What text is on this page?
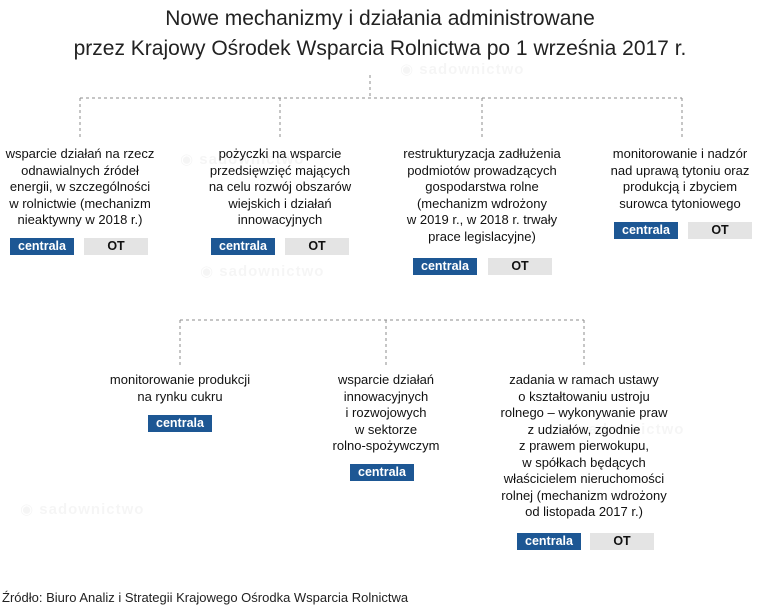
Nowe mechanizmy i działania administrowane
przez Krajowy Ośrodek Wsparcia Rolnictwa po 1 września 2017 r.
wsparcie działań na rzecz
odnawialnych źródeł
energii, w szczególności
w rolnictwie (mechanizm
nieaktywny w 2018 r.)
centrala	OT
pożyczki na wsparcie
przedsięwzięć mających
na celu rozwój obszarów
wiejskich i działań
innowacyjnych
centrala	OT
restrukturyzacja zadłużenia
podmiotów prowadzących
gospodarstwa rolne
(mechanizm wdrożony
w 2019 r., w 2018 r. trwały
prace legislacyjne)
centrala	OT
monitorowanie i nadzór
nad uprawą tytoniu oraz
produkcją i zbyciem
surowca tytoniowego
centrala	OT
monitorowanie produkcji
na rynku cukru
centrala
wsparcie działań
innowacyjnych
i rozwojowych
w sektorze
rolno-spożywczym
centrala
zadania w ramach ustawy
o kształtowaniu ustroju
rolnego – wykonywanie praw
z udziałów, zgodnie
z prawem pierwokupu,
w spółkach będących
właścicielem nieruchomości
rolnej (mechanizm wdrożony
od listopada 2017 r.)
centrala	OT
Źródło: Biuro Analiz i Strategii Krajowego Ośrodka Wsparcia Rolnictwa
